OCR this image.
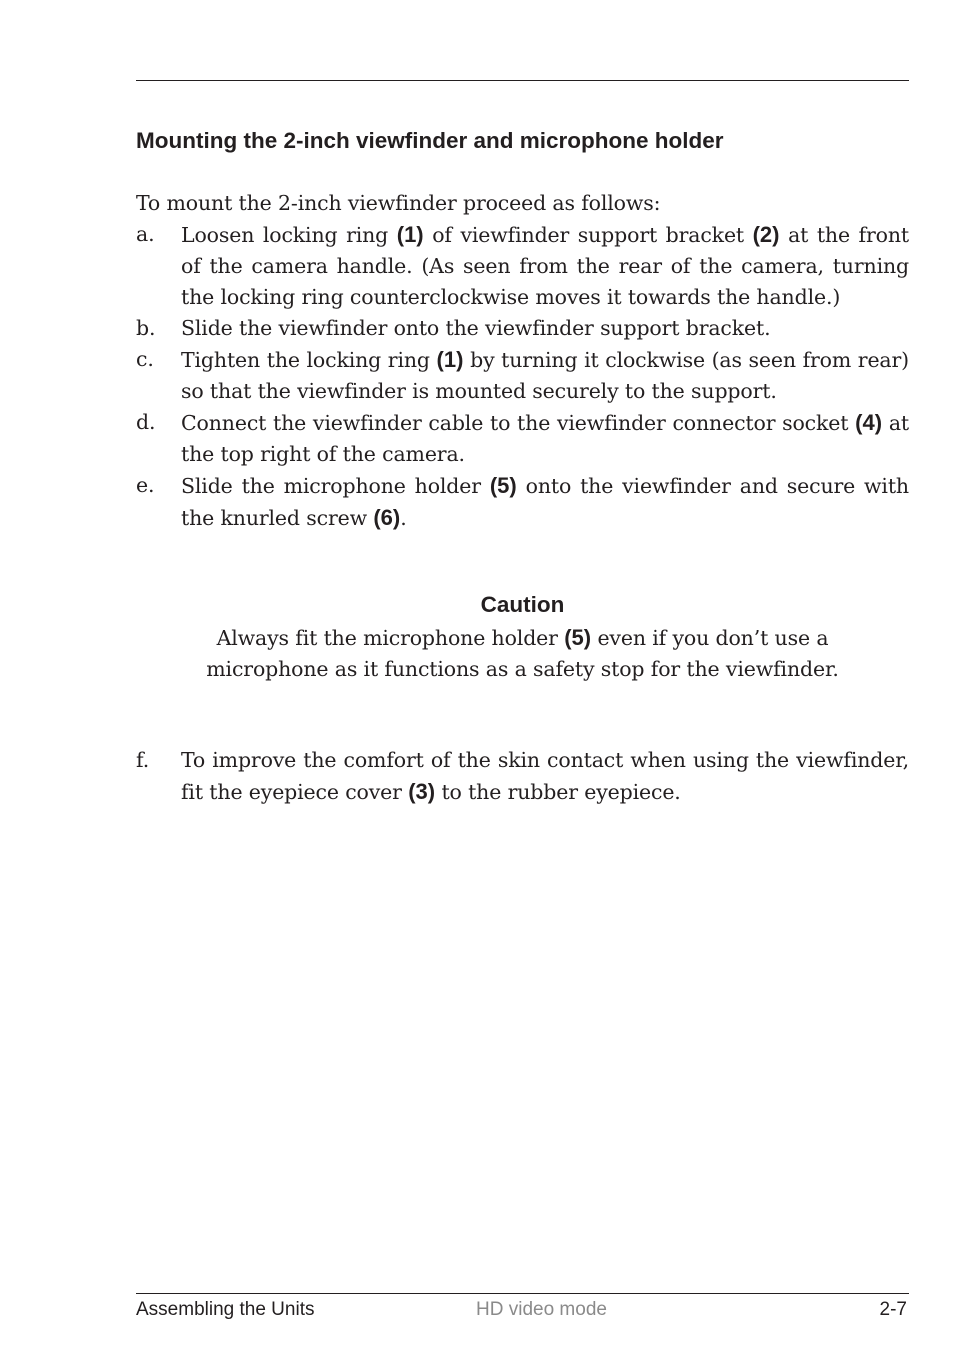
Mounting the 2-inch viewfinder and microphone holder

To mount the 2-inch viewfinder proceed as follows:

a. Loosen locking ring (1) of viewfinder support bracket (2) at the front of the camera handle. (As seen from the rear of the camera, turning the locking ring counterclockwise moves it towards the handle.)
b. Slide the viewfinder onto the viewfinder support bracket.
c. Tighten the locking ring (1) by turning it clockwise (as seen from rear) so that the viewfinder is mounted securely to the support.
d. Connect the viewfinder cable to the viewfinder connector socket (4) at the top right of the camera.
e. Slide the microphone holder (5) onto the viewfinder and secure with the knurled screw (6).
Caution

Always fit the microphone holder (5) even if you don’t use a microphone as it functions as a safety stop for the viewfinder.

f. To improve the comfort of the skin contact when using the viewfinder, fit the eyepiece cover (3) to the rubber eyepiece.
Assembling the Units	HD video mode	2-7
